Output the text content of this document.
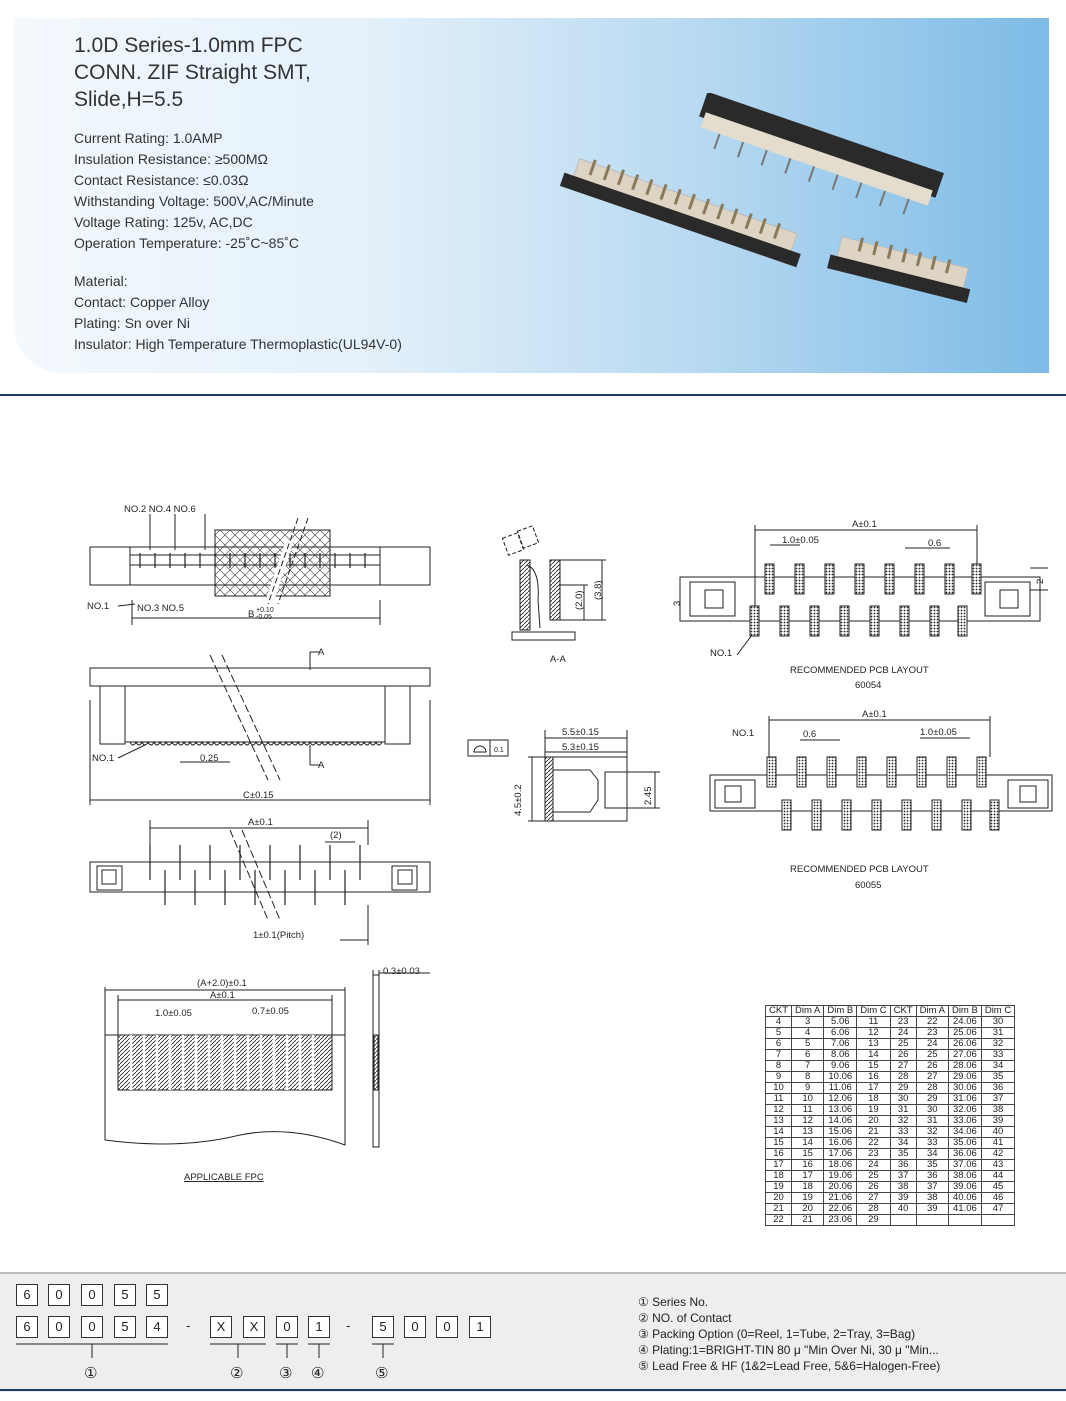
1.0D Series-1.0mm FPC
CONN. ZIF Straight SMT,
Slide,H=5.5
Current Rating: 1.0AMP
Insulation Resistance: ≥500MΩ
Contact Resistance: ≤0.03Ω
Withstanding Voltage: 500V,AC/Minute
Voltage Rating: 125v, AC,DC
Operation Temperature: -25˚C~85˚C
Material:
Contact: Copper Alloy
Plating: Sn over Ni
Insulator: High Temperature Thermoplastic(UL94V-0)
NO.2 NO.4 NO.6
NO.1	NO.3 NO.5
B +0.10
-0.05
A
A
NO.1	0.25
C±0.15
A±0.1
(2)
1±0.1(Pitch)
(A+2.0)±0.1
A±0.1
1.0±0.05	0.7±0.05
0.3±0.03
APPLICABLE FPC
A-A
(2.0)
(3.8)
5.5±0.15
5.3±0.15
4.5±0.2	2.45
0.1
A±0.1
1.0±0.05	0.6
2
3
NO.1
RECOMMENDED PCB LAYOUT
60054
A±0.1
NO.1	0.6	1.0±0.05
RECOMMENDED PCB LAYOUT
60055
CKT	Dim A	Dim B	Dim C	CKT	Dim A	Dim B	Dim C
4	3	5.06	11	23	22	24.06	30
5	4	6.06	12	24	23	25.06	31
6	5	7.06	13	25	24	26.06	32
7	6	8.06	14	26	25	27.06	33
8	7	9.06	15	27	26	28.06	34
9	8	10.06	16	28	27	29.06	35
10	9	11.06	17	29	28	30.06	36
11	10	12.06	18	30	29	31.06	37
12	11	13.06	19	31	30	32.06	38
13	12	14.06	20	32	31	33.06	39
14	13	15.06	21	33	32	34.06	40
15	14	16.06	22	34	33	35.06	41
16	15	17.06	23	35	34	36.06	42
17	16	18.06	24	36	35	37.06	43
18	17	19.06	25	37	36	38.06	44
19	18	20.06	26	38	37	39.06	45
20	19	21.06	27	39	38	40.06	46
21	20	22.06	28	40	39	41.06	47
22	21	23.06	29				
6	0	0	5	5
6	0	0	5	4	-	X	X	0	1	-	5	0	0	1
①	② ③ ④	⑤
① Series No.
② NO. of Contact
③ Packing Option (0=Reel, 1=Tube, 2=Tray, 3=Bag)
④ Plating:1=BRIGHT-TIN 80 μ "Min Over Ni, 30 μ "Min...
⑤ Lead Free & HF (1&2=Lead Free, 5&6=Halogen-Free)
